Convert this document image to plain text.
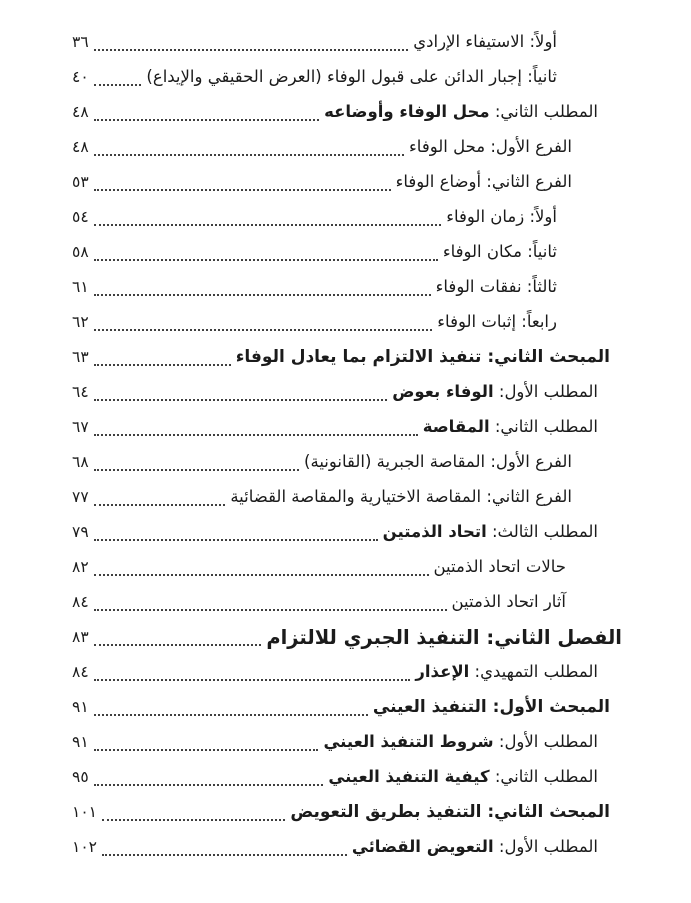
أولاً: الاستيفاء الإرادي
٣٦
ثانياً: إجبار الدائن على قبول الوفاء (العرض الحقيقي والإيداع)
٤٠
المطلب الثاني: محل الوفاء وأوضاعه
٤٨
الفرع الأول: محل الوفاء
٤٨
الفرع الثاني: أوضاع الوفاء
٥٣
أولاً: زمان الوفاء
٥٤
ثانياً: مكان الوفاء
٥٨
ثالثاً: نفقات الوفاء
٦١
رابعاً: إثبات الوفاء
٦٢
المبحث الثاني: تنفيذ الالتزام بما يعادل الوفاء
٦٣
المطلب الأول: الوفاء بعوض
٦٤
المطلب الثاني: المقاصة
٦٧
الفرع الأول: المقاصة الجبرية (القانونية)
٦٨
الفرع الثاني: المقاصة الاختيارية والمقاصة القضائية
٧٧
المطلب الثالث: اتحاد الذمتين
٧٩
حالات اتحاد الذمتين
٨٢
آثار اتحاد الذمتين
٨٤
الفصل الثاني: التنفيذ الجبري للالتزام
٨٣
المطلب التمهيدي: الإعذار
٨٤
المبحث الأول: التنفيذ العيني
٩١
المطلب الأول: شروط التنفيذ العيني
٩١
المطلب الثاني: كيفية التنفيذ العيني
٩٥
المبحث الثاني: التنفيذ بطريق التعويض
١٠١
المطلب الأول: التعويض القضائي
١٠٢
